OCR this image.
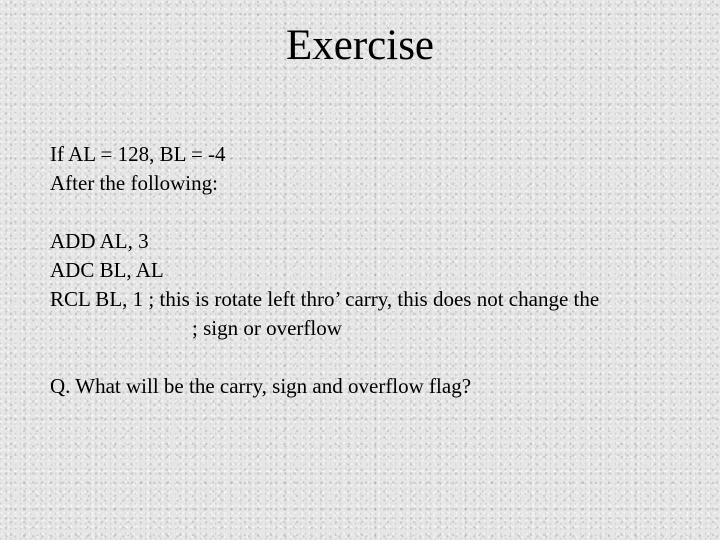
Exercise
If AL = 128, BL = -4
After the following:
ADD AL, 3
ADC BL, AL
RCL BL, 1 ; this is rotate left thro’ carry, this does not change the
; sign or overflow
Q. What will be the carry, sign and overflow flag?
